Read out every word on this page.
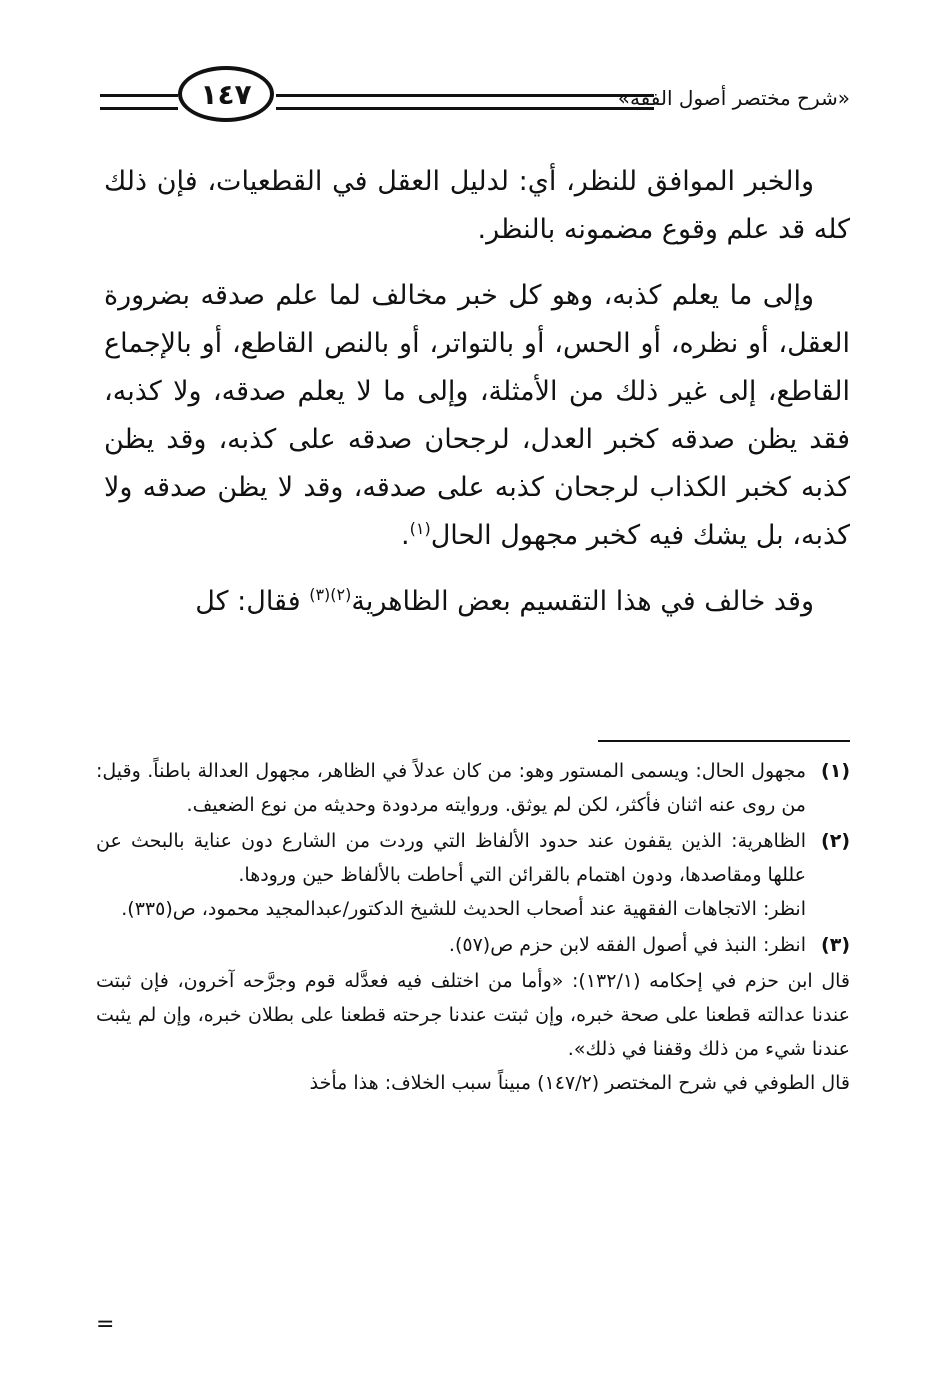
١٤٧	«شرح مختصر أصول الفقه»

والخبر الموافق للنظر، أي: لدليل العقل في القطعيات، فإن ذلك كله قد علم وقوع مضمونه بالنظر.

وإلى ما يعلم كذبه، وهو كل خبر مخالف لما علم صدقه بضرورة العقل، أو نظره، أو الحس، أو بالتواتر، أو بالنص القاطع، أو بالإجماع القاطع، إلى غير ذلك من الأمثلة، وإلى ما لا يعلم صدقه، ولا كذبه، فقد يظن صدقه كخبر العدل، لرجحان صدقه على كذبه، وقد يظن كذبه كخبر الكذاب لرجحان كذبه على صدقه، وقد لا يظن صدقه ولا كذبه، بل يشك فيه كخبر مجهول الحال$^{(١)}$.

وقد خالف في هذا التقسيم بعض الظاهرية$^{(٢)(٣)}$ فقال: كل

(١)
مجهول الحال: ويسمى المستور وهو: من كان عدلاً في الظاهر، مجهول العدالة باطناً. وقيل: من روى عنه اثنان فأكثر، لكن لم يوثق. وروايته مردودة وحديثه من نوع الضعيف.
(٢)
الظاهرية: الذين يقفون عند حدود الألفاظ التي وردت من الشارع دون عناية بالبحث عن عللها ومقاصدها، ودون اهتمام بالقرائن التي أحاطت بالألفاظ حين ورودها.
انظر: الاتجاهات الفقهية عند أصحاب الحديث للشيخ الدكتور/عبدالمجيد محمود، ص(٣٣٥).
(٣)
انظر: النبذ في أصول الفقه لابن حزم ص(٥٧).
قال ابن حزم في إحكامه (١٣٢/١): «وأما من اختلف فيه فعدَّله قوم وجرَّحه آخرون، فإن ثبتت عندنا عدالته قطعنا على صحة خبره، وإن ثبتت عندنا جرحته قطعنا على بطلان خبره، وإن لم يثبت عندنا شيء من ذلك وقفنا في ذلك».
قال الطوفي في شرح المختصر (١٤٧/٢) مبيناً سبب الخلاف: هذا مأخذ
=
